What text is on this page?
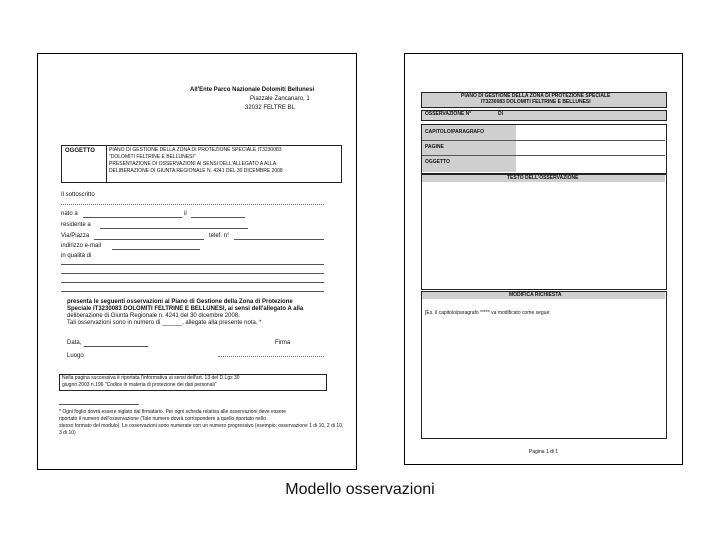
All'Ente Parco Nazionale Dolomiti Bellunesi
Piazzale Zancanaro, 1
32032 FELTRE BL
OGGETTO	PIANO DI GESTIONE DELLA ZONA DI PROTEZIONE SPECIALE IT3230083
"DOLOMITI FELTRINE E BELLUNESI"
PRESENTAZIONE DI OSSERVAZIONI AI SENSI DELL'ALLEGATO A ALLA
DELIBERAZIONE DI GIUNTA REGIONALE N. 4241 DEL 30 DICEMBRE 2008
Il sottoscritto
nato a	il
residente a
Via/Piazza	telef. n°
indirizzo e-mail
in qualità di
presenta le seguenti osservazioni al Piano di Gestione della Zona di Protezione
Speciale IT3230083 DOLOMITI FELTRINE E BELLUNESI, ai sensi dell'allegato A alla
deliberazione di Giunta Regionale n. 4241 del 30 dicembre 2008.
Tali osservazioni sono in numero di ______, allegate alla presente nota. *
Data,	Firma
Luogo
Nella pagina successiva è riportata l'informativa ai sensi dell'art. 13 del D.Lgs 30
giugno 2003 n.196 "Codice in materia di protezione dei dati personali"
* Ogni foglio dovrà essere siglato dal firmatario. Per ogni scheda relativa alle osservazioni deve essere
riportato il numero dell'osservazione (Tale numero dovrà corrispondere a quello riportato nello
stesso formato del modulo). Le osservazioni sono numerate con un numero progressivo (esempio: osservazione 1 di 10, 2 di 10,
3 di 10)
PIANO DI GESTIONE DELLA ZONA DI PROTEZIONE SPECIALE
IT3230083 DOLOMITI FELTRINE E BELLUNESI
OSSERVAZIONE N°	DI
CAPITOLO/PARAGRAFO
PAGINE
OGGETTO
TESTO DELL'OSSERVAZIONE
MODIFICA RICHIESTA
[Es. il capitolo/paragrafo ***** va modificato come segue:
Pagina 1 di 1
Modello osservazioni
